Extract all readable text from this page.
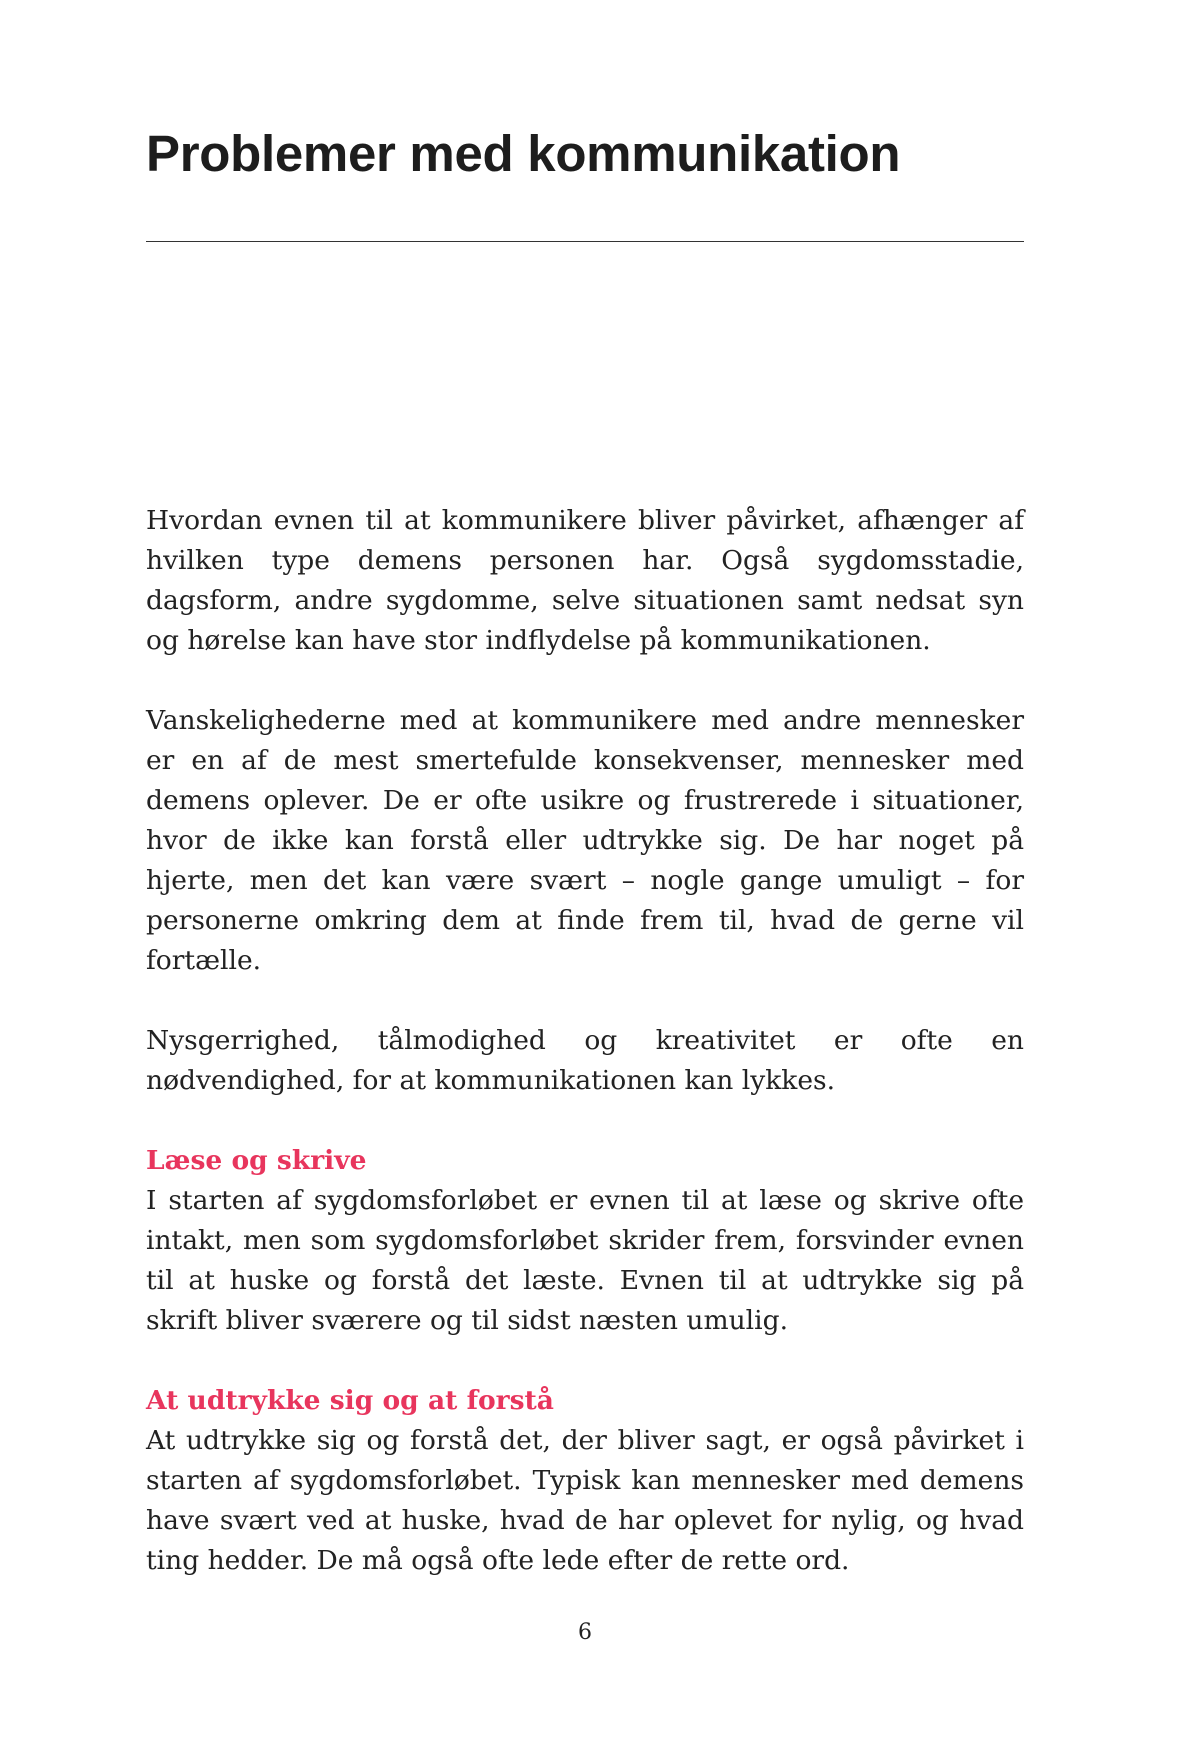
Problemer med kommunikation

Hvordan evnen til at kommunikere bliver påvirket, afhænger af hvilken type demens personen har. Også sygdomsstadie, dagsform, andre sygdomme, selve situationen samt nedsat syn og hørelse kan have stor indflydelse på kommunikationen.

Vanskelighederne med at kommunikere med andre mennesker er en af de mest smertefulde konsekvenser, mennesker med demens oplever. De er ofte usikre og frustrerede i situationer, hvor de ikke kan forstå eller udtrykke sig. De har noget på hjerte, men det kan være svært – nogle gange umuligt – for personerne omkring dem at finde frem til, hvad de gerne vil fortælle.

Nysgerrighed, tålmodighed og kreativitet er ofte en nødvendighed, for at kommunikationen kan lykkes.

Læse og skrive

I starten af sygdomsforløbet er evnen til at læse og skrive ofte intakt, men som sygdomsforløbet skrider frem, forsvinder evnen til at huske og forstå det læste. Evnen til at udtrykke sig på skrift bliver sværere og til sidst næsten umulig.

At udtrykke sig og at forstå

At udtrykke sig og forstå det, der bliver sagt, er også påvirket i starten af sygdomsforløbet. Typisk kan mennesker med demens have svært ved at huske, hvad de har oplevet for nylig, og hvad ting hedder. De må også ofte lede efter de rette ord.

6
